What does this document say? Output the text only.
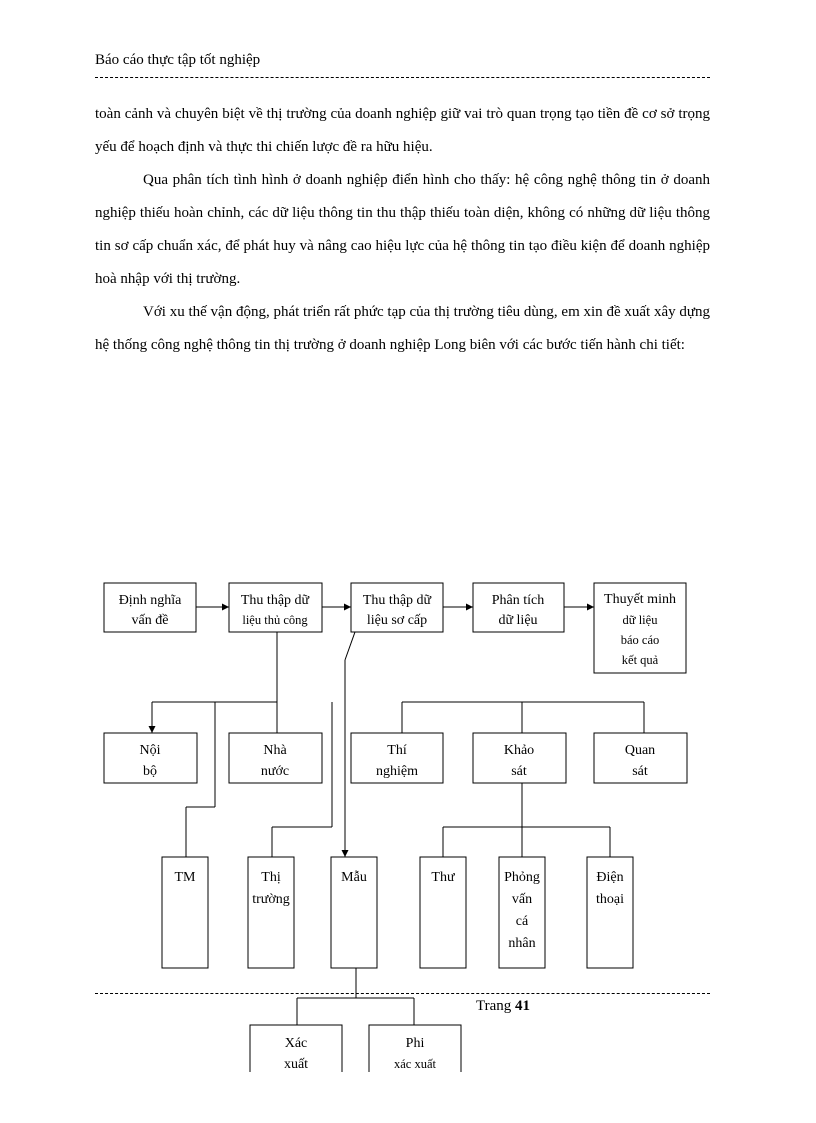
Báo cáo thực tập tốt nghiệp

toàn cảnh và chuyên biệt về thị trường của doanh nghiệp giữ vai trò quan trọng tạo tiền đề cơ sở trọng yếu để hoạch định và thực thi chiến lược đề ra hữu hiệu.

Qua phân tích tình hình ở doanh nghiệp điển hình cho thấy: hệ công nghệ thông tin ở doanh nghiệp thiếu hoàn chỉnh, các dữ liệu thông tin thu thập thiếu toàn diện, không có những dữ liệu thông tin sơ cấp chuẩn xác, để phát huy và nâng cao hiệu lực của hệ thông tin tạo điều kiện để doanh nghiệp hoà nhập với thị trường.

Với xu thế vận động, phát triển rất phức tạp của thị trường tiêu dùng, em xin đề xuất xây dựng hệ thống công nghệ thông tin thị trường ở doanh nghiệp Long biên với các bước tiến hành chi tiết:

Định nghĩa
vấn đề
Thu thập dữ
liệu thủ công
Thu thập dữ
liệu sơ cấp
Phân tích
dữ liệu
Thuyết minh
dữ liệu
báo cáo
kết quả
Nội
bộ
Nhà
nước
Thí
nghiệm
Khảo
sát
Quan
sát
TM	Thị
trường
Mẫu	Thư	Phỏng
vấn
cá
nhân
Điện
thoại
Xác
xuất
Phi
xác xuất
Trang 41
